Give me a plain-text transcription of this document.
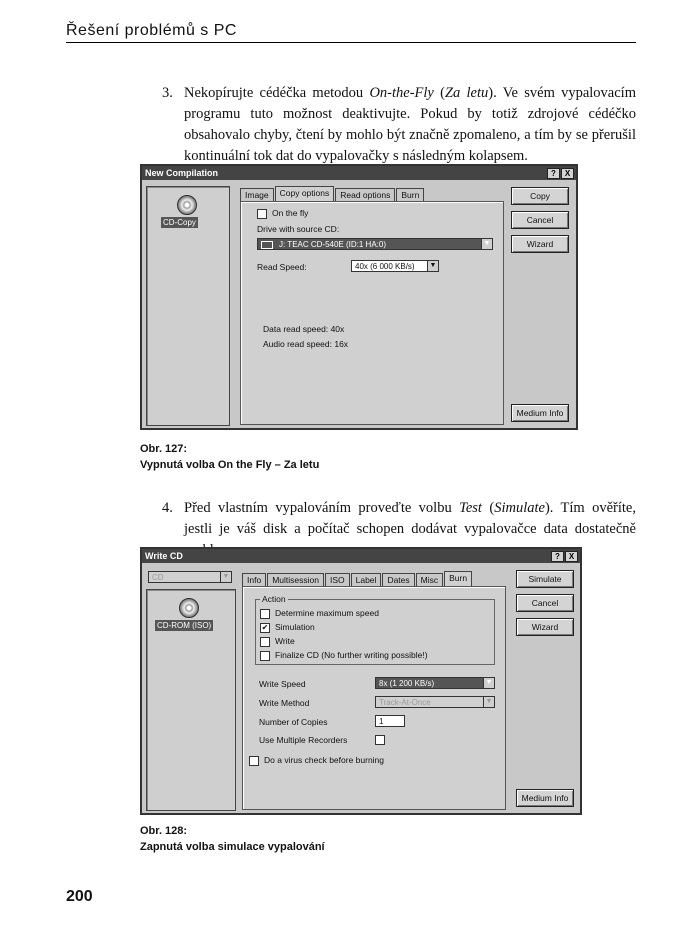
Řešení problémů s PC
3. Nekopírujte cédéčka metodou On-the-Fly (Za letu). Ve svém vypalovacím programu tuto možnost deaktivujte. Pokud by totiž zdrojové cédéčko obsahovalo chyby, čtení by mohlo být značně zpomaleno, a tím by se přerušil kontinuální tok dat do vypalovačky s následným kolapsem.
New Compilation	?	X
CD-Copy
Image	Copy options	Read options	Burn
On the fly
Drive with source CD:
J: TEAC CD-540E (ID:1 HA:0)	▼
Read Speed:	40x (6 000 KB/s)	▼
Data read speed: 40x
Audio read speed: 16x
Copy
Cancel
Wizard
Medium Info
Obr. 127:
Vypnutá volba On the Fly – Za letu
4. Před vlastním vypalováním proveďte volbu Test (Simulate). Tím ověříte, jestli je váš disk a počítač schopen dodávat vypalovačce data dostatečně
Write CD	?	X
CD	▼
CD-ROM (ISO)
Info	Multisession	ISO	Label	Dates	Misc	Burn
Action
Determine maximum speed
✔ Simulation
Write
Finalize CD (No further writing possible!)
Write Speed	8x (1 200 KB/s)	▼
Write Method	Track-At-Once	▼
Number of Copies	1
Use Multiple Recorders
Do a virus check before burning
Simulate
Cancel
Wizard
Medium Info
Obr. 128:
Zapnutá volba simulace vypalování
200
